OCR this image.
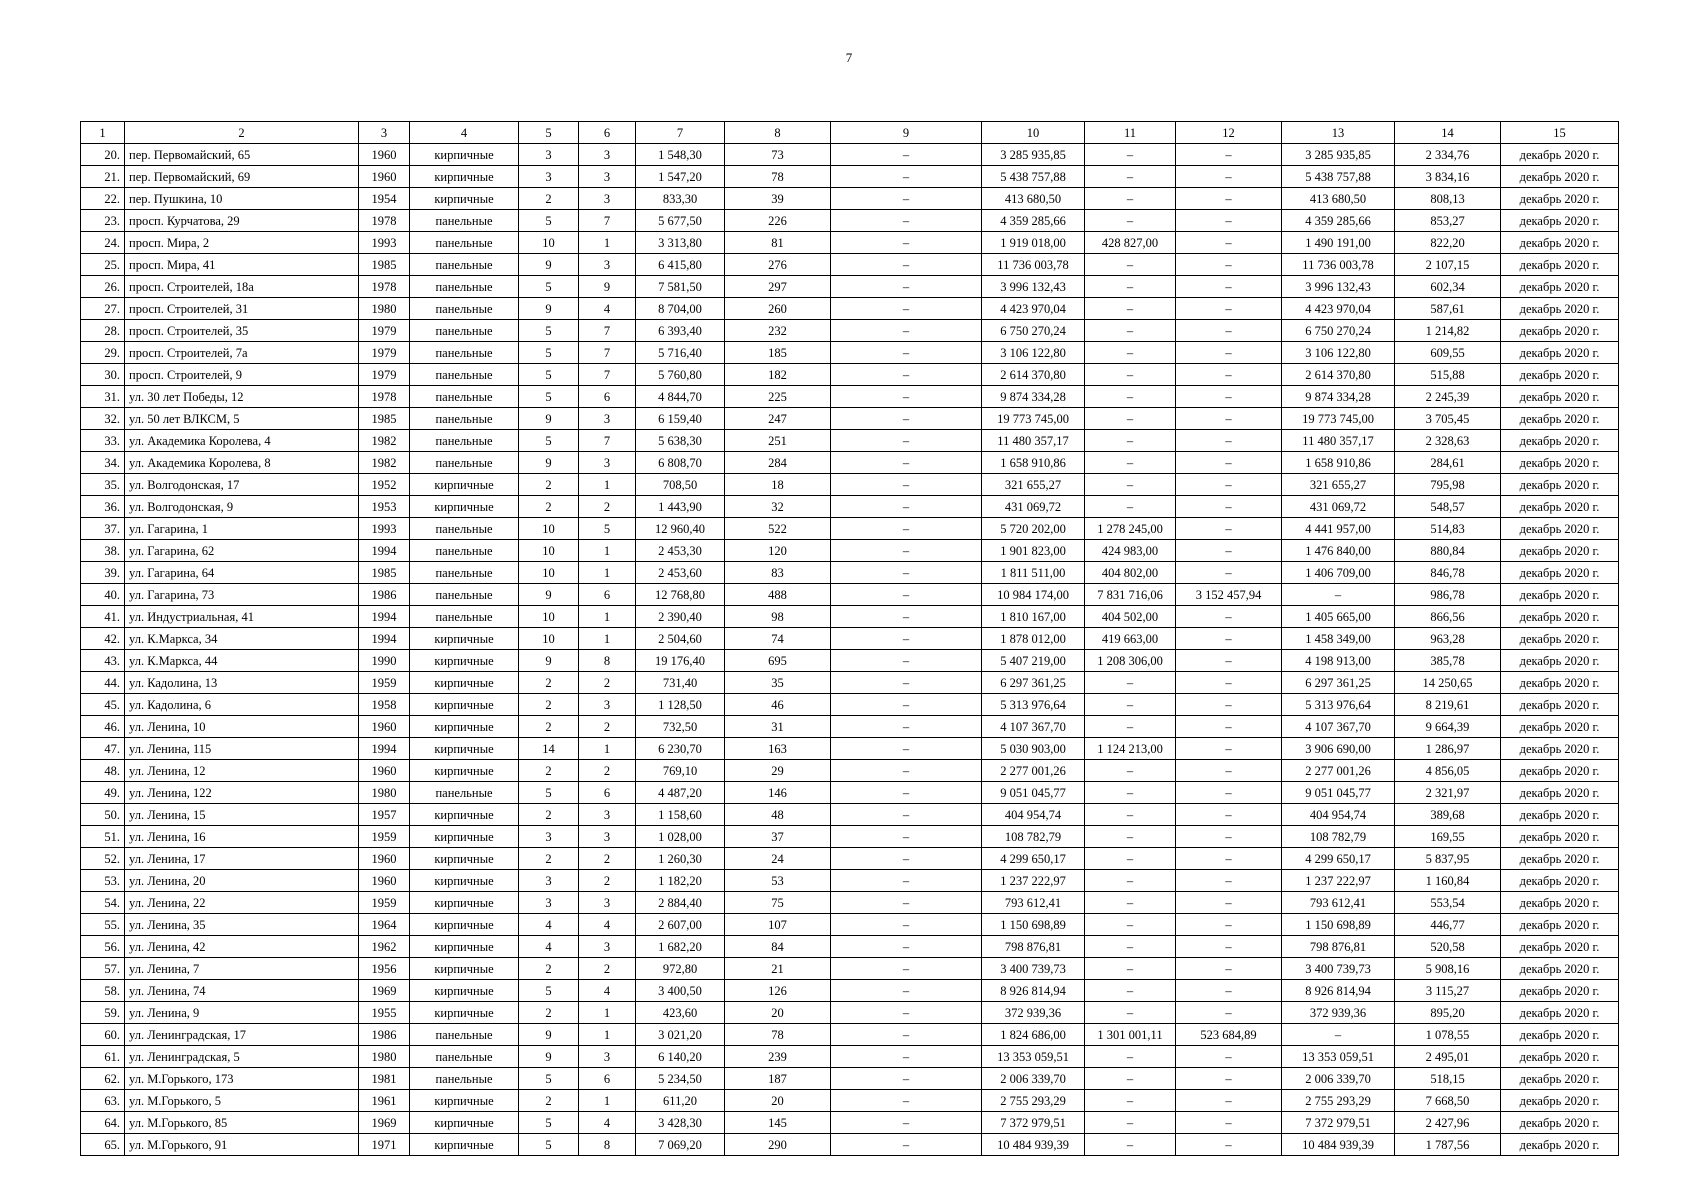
7
1	2	3	4	5	6	7	8	9	10	11	12	13	14	15
20.	пер. Первомайский, 65	1960	кирпичные	3	3	1 548,30	73	–	3 285 935,85	–	–	3 285 935,85	2 334,76	декабрь 2020 г.
21.	пер. Первомайский, 69	1960	кирпичные	3	3	1 547,20	78	–	5 438 757,88	–	–	5 438 757,88	3 834,16	декабрь 2020 г.
22.	пер. Пушкина, 10	1954	кирпичные	2	3	833,30	39	–	413 680,50	–	–	413 680,50	808,13	декабрь 2020 г.
23.	просп. Курчатова, 29	1978	панельные	5	7	5 677,50	226	–	4 359 285,66	–	–	4 359 285,66	853,27	декабрь 2020 г.
24.	просп. Мира, 2	1993	панельные	10	1	3 313,80	81	–	1 919 018,00	428 827,00	–	1 490 191,00	822,20	декабрь 2020 г.
25.	просп. Мира, 41	1985	панельные	9	3	6 415,80	276	–	11 736 003,78	–	–	11 736 003,78	2 107,15	декабрь 2020 г.
26.	просп. Строителей, 18а	1978	панельные	5	9	7 581,50	297	–	3 996 132,43	–	–	3 996 132,43	602,34	декабрь 2020 г.
27.	просп. Строителей, 31	1980	панельные	9	4	8 704,00	260	–	4 423 970,04	–	–	4 423 970,04	587,61	декабрь 2020 г.
28.	просп. Строителей, 35	1979	панельные	5	7	6 393,40	232	–	6 750 270,24	–	–	6 750 270,24	1 214,82	декабрь 2020 г.
29.	просп. Строителей, 7а	1979	панельные	5	7	5 716,40	185	–	3 106 122,80	–	–	3 106 122,80	609,55	декабрь 2020 г.
30.	просп. Строителей, 9	1979	панельные	5	7	5 760,80	182	–	2 614 370,80	–	–	2 614 370,80	515,88	декабрь 2020 г.
31.	ул. 30 лет Победы, 12	1978	панельные	5	6	4 844,70	225	–	9 874 334,28	–	–	9 874 334,28	2 245,39	декабрь 2020 г.
32.	ул. 50 лет ВЛКСМ, 5	1985	панельные	9	3	6 159,40	247	–	19 773 745,00	–	–	19 773 745,00	3 705,45	декабрь 2020 г.
33.	ул. Академика Королева, 4	1982	панельные	5	7	5 638,30	251	–	11 480 357,17	–	–	11 480 357,17	2 328,63	декабрь 2020 г.
34.	ул. Академика Королева, 8	1982	панельные	9	3	6 808,70	284	–	1 658 910,86	–	–	1 658 910,86	284,61	декабрь 2020 г.
35.	ул. Волгодонская, 17	1952	кирпичные	2	1	708,50	18	–	321 655,27	–	–	321 655,27	795,98	декабрь 2020 г.
36.	ул. Волгодонская, 9	1953	кирпичные	2	2	1 443,90	32	–	431 069,72	–	–	431 069,72	548,57	декабрь 2020 г.
37.	ул. Гагарина, 1	1993	панельные	10	5	12 960,40	522	–	5 720 202,00	1 278 245,00	–	4 441 957,00	514,83	декабрь 2020 г.
38.	ул. Гагарина, 62	1994	панельные	10	1	2 453,30	120	–	1 901 823,00	424 983,00	–	1 476 840,00	880,84	декабрь 2020 г.
39.	ул. Гагарина, 64	1985	панельные	10	1	2 453,60	83	–	1 811 511,00	404 802,00	–	1 406 709,00	846,78	декабрь 2020 г.
40.	ул. Гагарина, 73	1986	панельные	9	6	12 768,80	488	–	10 984 174,00	7 831 716,06	3 152 457,94	–	986,78	декабрь 2020 г.
41.	ул. Индустриальная, 41	1994	панельные	10	1	2 390,40	98	–	1 810 167,00	404 502,00	–	1 405 665,00	866,56	декабрь 2020 г.
42.	ул. К.Маркса, 34	1994	кирпичные	10	1	2 504,60	74	–	1 878 012,00	419 663,00	–	1 458 349,00	963,28	декабрь 2020 г.
43.	ул. К.Маркса, 44	1990	кирпичные	9	8	19 176,40	695	–	5 407 219,00	1 208 306,00	–	4 198 913,00	385,78	декабрь 2020 г.
44.	ул. Кадолина, 13	1959	кирпичные	2	2	731,40	35	–	6 297 361,25	–	–	6 297 361,25	14 250,65	декабрь 2020 г.
45.	ул. Кадолина, 6	1958	кирпичные	2	3	1 128,50	46	–	5 313 976,64	–	–	5 313 976,64	8 219,61	декабрь 2020 г.
46.	ул. Ленина, 10	1960	кирпичные	2	2	732,50	31	–	4 107 367,70	–	–	4 107 367,70	9 664,39	декабрь 2020 г.
47.	ул. Ленина, 115	1994	кирпичные	14	1	6 230,70	163	–	5 030 903,00	1 124 213,00	–	3 906 690,00	1 286,97	декабрь 2020 г.
48.	ул. Ленина, 12	1960	кирпичные	2	2	769,10	29	–	2 277 001,26	–	–	2 277 001,26	4 856,05	декабрь 2020 г.
49.	ул. Ленина, 122	1980	панельные	5	6	4 487,20	146	–	9 051 045,77	–	–	9 051 045,77	2 321,97	декабрь 2020 г.
50.	ул. Ленина, 15	1957	кирпичные	2	3	1 158,60	48	–	404 954,74	–	–	404 954,74	389,68	декабрь 2020 г.
51.	ул. Ленина, 16	1959	кирпичные	3	3	1 028,00	37	–	108 782,79	–	–	108 782,79	169,55	декабрь 2020 г.
52.	ул. Ленина, 17	1960	кирпичные	2	2	1 260,30	24	–	4 299 650,17	–	–	4 299 650,17	5 837,95	декабрь 2020 г.
53.	ул. Ленина, 20	1960	кирпичные	3	2	1 182,20	53	–	1 237 222,97	–	–	1 237 222,97	1 160,84	декабрь 2020 г.
54.	ул. Ленина, 22	1959	кирпичные	3	3	2 884,40	75	–	793 612,41	–	–	793 612,41	553,54	декабрь 2020 г.
55.	ул. Ленина, 35	1964	кирпичные	4	4	2 607,00	107	–	1 150 698,89	–	–	1 150 698,89	446,77	декабрь 2020 г.
56.	ул. Ленина, 42	1962	кирпичные	4	3	1 682,20	84	–	798 876,81	–	–	798 876,81	520,58	декабрь 2020 г.
57.	ул. Ленина, 7	1956	кирпичные	2	2	972,80	21	–	3 400 739,73	–	–	3 400 739,73	5 908,16	декабрь 2020 г.
58.	ул. Ленина, 74	1969	кирпичные	5	4	3 400,50	126	–	8 926 814,94	–	–	8 926 814,94	3 115,27	декабрь 2020 г.
59.	ул. Ленина, 9	1955	кирпичные	2	1	423,60	20	–	372 939,36	–	–	372 939,36	895,20	декабрь 2020 г.
60.	ул. Ленинградская, 17	1986	панельные	9	1	3 021,20	78	–	1 824 686,00	1 301 001,11	523 684,89	–	1 078,55	декабрь 2020 г.
61.	ул. Ленинградская, 5	1980	панельные	9	3	6 140,20	239	–	13 353 059,51	–	–	13 353 059,51	2 495,01	декабрь 2020 г.
62.	ул. М.Горького, 173	1981	панельные	5	6	5 234,50	187	–	2 006 339,70	–	–	2 006 339,70	518,15	декабрь 2020 г.
63.	ул. М.Горького, 5	1961	кирпичные	2	1	611,20	20	–	2 755 293,29	–	–	2 755 293,29	7 668,50	декабрь 2020 г.
64.	ул. М.Горького, 85	1969	кирпичные	5	4	3 428,30	145	–	7 372 979,51	–	–	7 372 979,51	2 427,96	декабрь 2020 г.
65.	ул. М.Горького, 91	1971	кирпичные	5	8	7 069,20	290	–	10 484 939,39	–	–	10 484 939,39	1 787,56	декабрь 2020 г.
